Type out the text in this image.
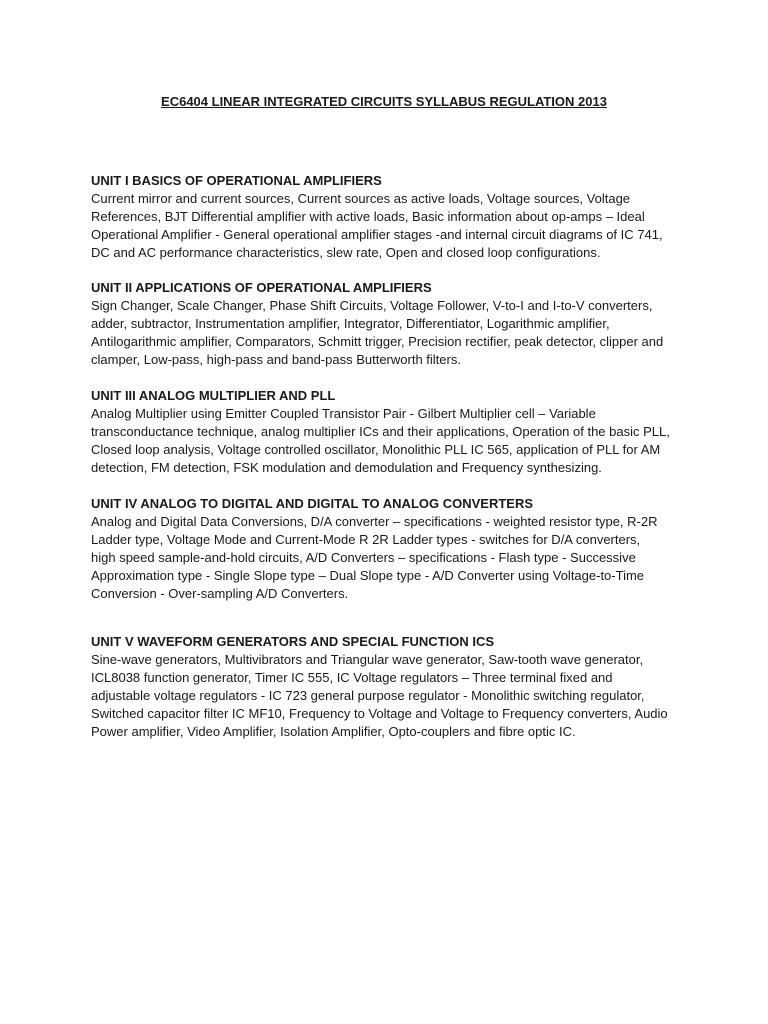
EC6404 LINEAR INTEGRATED CIRCUITS SYLLABUS REGULATION 2013
UNIT I BASICS OF OPERATIONAL AMPLIFIERS
Current mirror and current sources, Current sources as active loads, Voltage sources, Voltage
References, BJT Differential amplifier with active loads, Basic information about op-amps – Ideal
Operational Amplifier - General operational amplifier stages -and internal circuit diagrams of IC 741,
DC and AC performance characteristics, slew rate, Open and closed loop configurations.
UNIT II APPLICATIONS OF OPERATIONAL AMPLIFIERS
Sign Changer, Scale Changer, Phase Shift Circuits, Voltage Follower, V-to-I and I-to-V converters,
adder, subtractor, Instrumentation amplifier, Integrator, Differentiator, Logarithmic amplifier,
Antilogarithmic amplifier, Comparators, Schmitt trigger, Precision rectifier, peak detector, clipper and
clamper, Low-pass, high-pass and band-pass Butterworth filters.
UNIT III ANALOG MULTIPLIER AND PLL
Analog Multiplier using Emitter Coupled Transistor Pair - Gilbert Multiplier cell – Variable
transconductance technique, analog multiplier ICs and their applications, Operation of the basic PLL,
Closed loop analysis, Voltage controlled oscillator, Monolithic PLL IC 565, application of PLL for AM
detection, FM detection, FSK modulation and demodulation and Frequency synthesizing.
UNIT IV ANALOG TO DIGITAL AND DIGITAL TO ANALOG CONVERTERS
Analog and Digital Data Conversions, D/A converter – specifications - weighted resistor type, R-2R
Ladder type, Voltage Mode and Current-Mode R 2R Ladder types - switches for D/A converters,
high speed sample-and-hold circuits, A/D Converters – specifications - Flash type - Successive
Approximation type - Single Slope type – Dual Slope type - A/D Converter using Voltage-to-Time
Conversion - Over-sampling A/D Converters.
UNIT V WAVEFORM GENERATORS AND SPECIAL FUNCTION ICS
Sine-wave generators, Multivibrators and Triangular wave generator, Saw-tooth wave generator,
ICL8038 function generator, Timer IC 555, IC Voltage regulators – Three terminal fixed and
adjustable voltage regulators - IC 723 general purpose regulator - Monolithic switching regulator,
Switched capacitor filter IC MF10, Frequency to Voltage and Voltage to Frequency converters, Audio
Power amplifier, Video Amplifier, Isolation Amplifier, Opto-couplers and fibre optic IC.
